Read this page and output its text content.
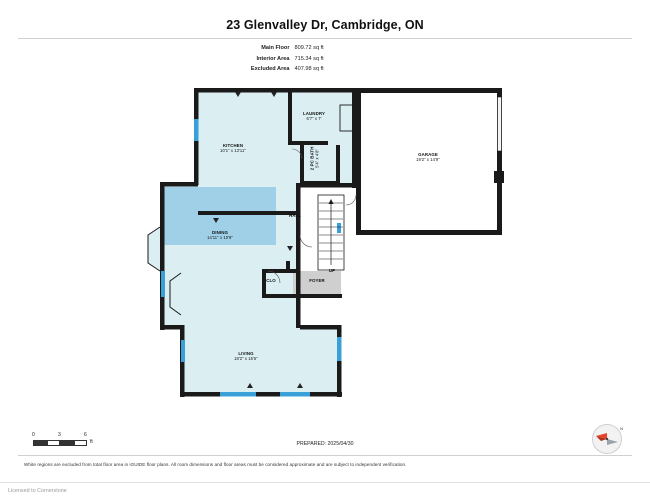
23 Glenvalley Dr, Cambridge, ON
Main Floor 809.72 sq ft
Interior Area 715.34 sq ft
Excluded Area 407.98 sq ft
KITCHEN
10'1" x 13'11"
LAUNDRY
6'7" x 7'
2 PC BATH 5'4" x 4'8"	GARAGE
19'2" x 14'9"
DINING
14'11" x 10'9"
HALL
CLO	FOYER
LIVING
18'2" x 15'5"
UP
0	3	6
ft	PREPARED: 2025/04/30
N
White regions are excluded from total floor area in iGUIDE floor plans. All room dimensions and floor areas must be considered approximate and are subject to independent verification.
Licensed to Cornerstone
